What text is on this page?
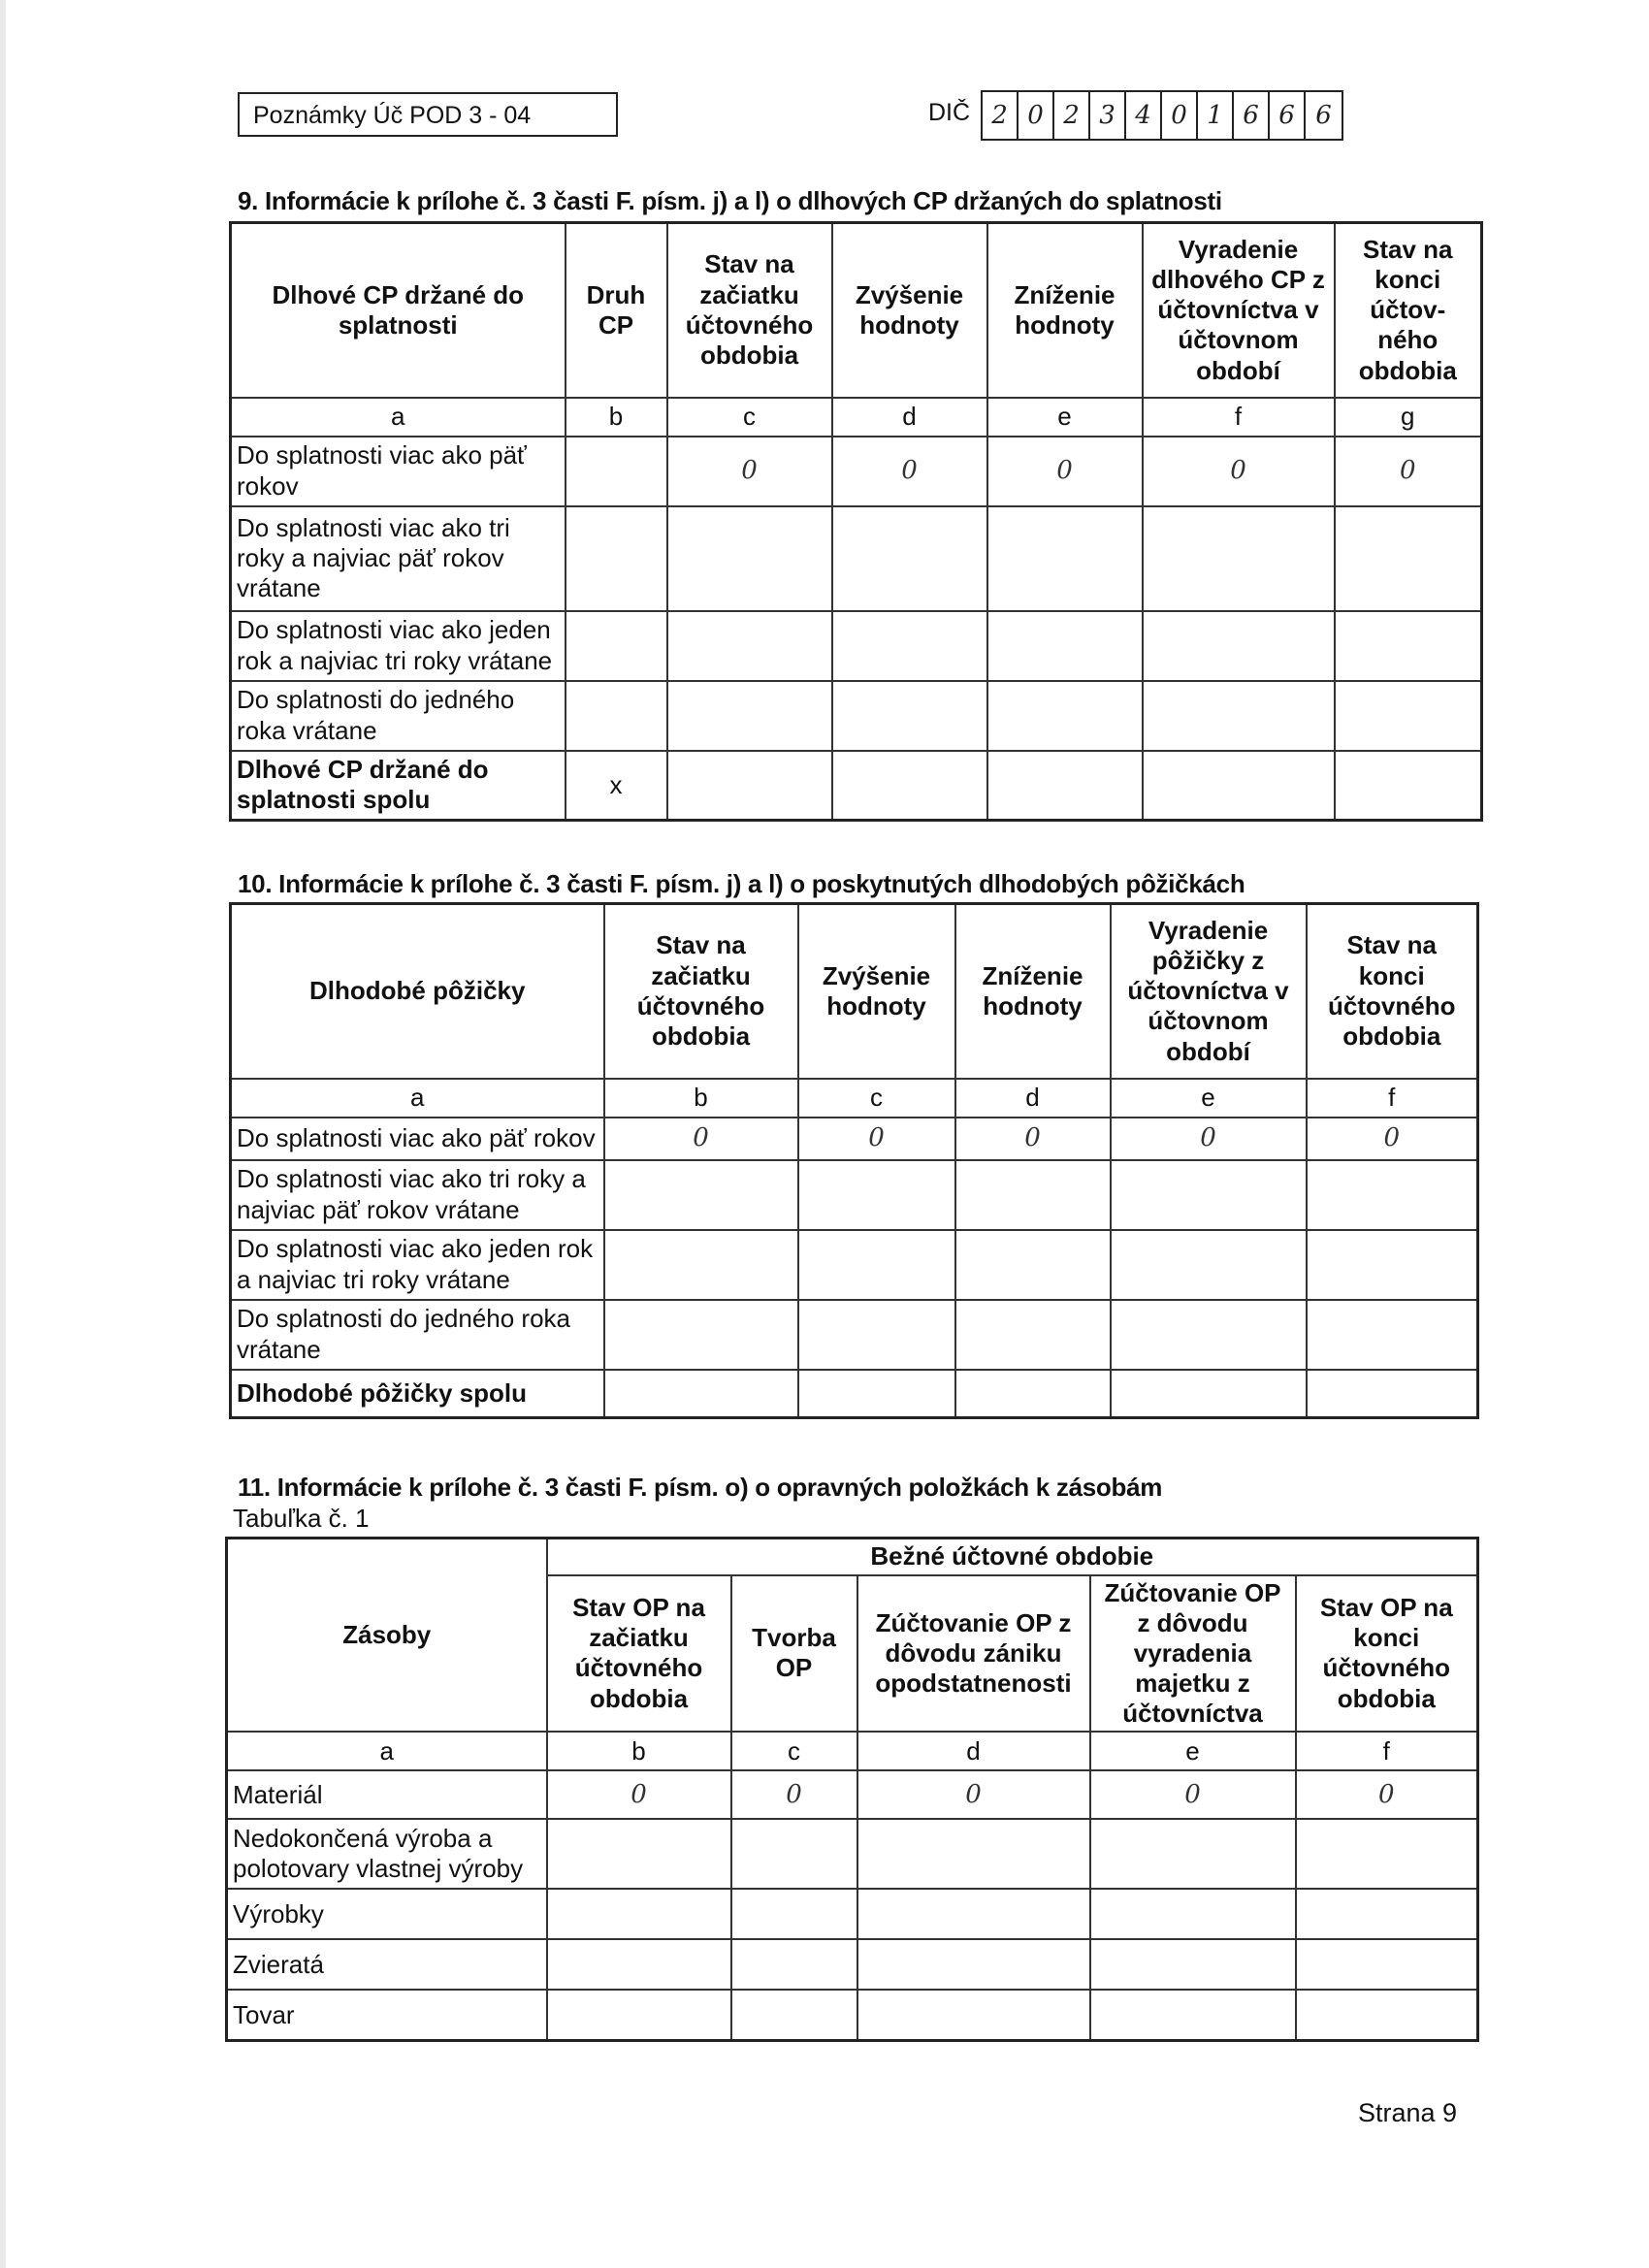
Poznámky Úč POD 3 - 04	DIČ 2 0 2 3 4 0 1 6 6 6
9. Informácie k prílohe č. 3 časti F. písm. j) a l) o dlhových CP držaných do splatnosti
Dlhové CP držané do splatnosti	Druh CP	Stav na začiatku účtovného obdobia	Zvýšenie hodnoty	Zníženie hodnoty	Vyradenie dlhového CP z účtovníctva v účtovnom období	Stav na konci účtov-ného obdobia
a	b	c	d	e	f	g
Do splatnosti viac ako päť rokov		0	0	0	0	0
Do splatnosti viac ako tri roky a najviac päť rokov vrátane						
Do splatnosti viac ako jeden rok a najviac tri roky vrátane						
Do splatnosti do jedného roka vrátane						
Dlhové CP držané do splatnosti spolu	x					
10. Informácie k prílohe č. 3 časti F. písm. j) a l) o poskytnutých dlhodobých pôžičkách
Dlhodobé pôžičky	Stav na začiatku účtovného obdobia	Zvýšenie hodnoty	Zníženie hodnoty	Vyradenie pôžičky z účtovníctva v účtovnom období	Stav na konci účtovného obdobia
a	b	c	d	e	f
Do splatnosti viac ako päť rokov	0	0	0	0	0
Do splatnosti viac ako tri roky a najviac päť rokov vrátane					
Do splatnosti viac ako jeden rok a najviac tri roky vrátane					
Do splatnosti do jedného roka vrátane					
Dlhodobé pôžičky spolu					
11. Informácie k prílohe č. 3 časti F. písm. o) o opravných položkách k zásobám
Tabuľka č. 1
Zásoby	Bežné účtovné obdobie				
	Stav OP na začiatku účtovného obdobia	Tvorba OP	Zúčtovanie OP z dôvodu zániku opodstatnenosti	Zúčtovanie OP z dôvodu vyradenia majetku z účtovníctva	Stav OP na konci účtovného obdobia
a	b	c	d	e	f
Materiál	0	0	0	0	0
Nedokončená výroba a polotovary vlastnej výroby					
Výrobky					
Zvieratá					
Tovar					
Strana 9
